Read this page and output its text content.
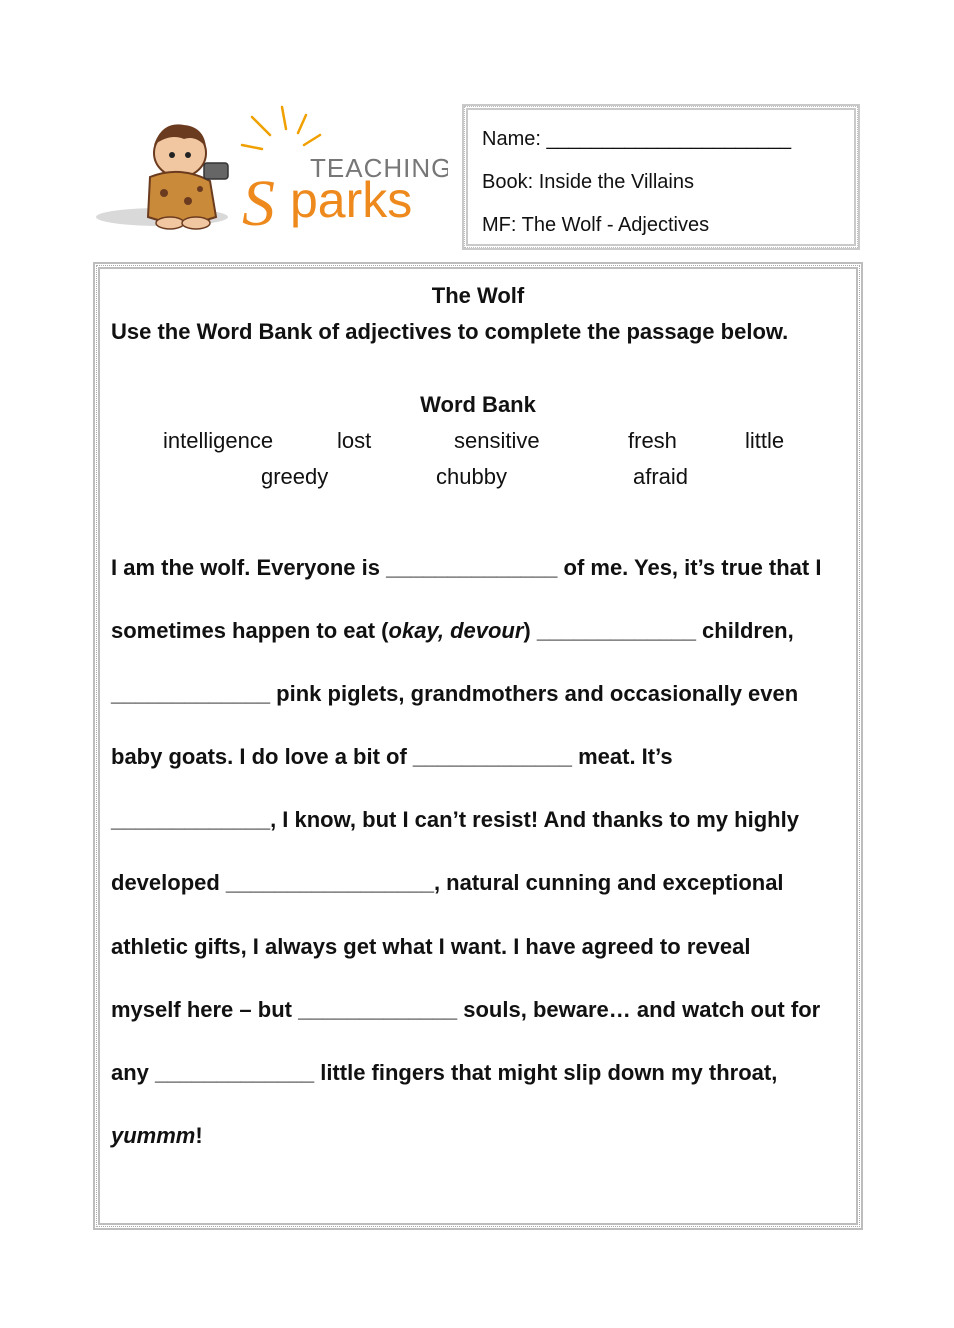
TEACHING
S parks
Name: ______________________
Book: Inside the Villains
MF: The Wolf - Adjectives
The Wolf
Use the Word Bank of adjectives to complete the passage below.
Word Bank
intelligence	lost	sensitive	fresh	little
greedy	chubby	afraid
I am the wolf. Everyone is ______________ of me. Yes, it’s true that I
sometimes happen to eat (okay, devour) _____________ children,
_____________ pink piglets, grandmothers and occasionally even
baby goats. I do love a bit of _____________ meat. It’s
_____________, I know, but I can’t resist! And thanks to my highly
developed _________________, natural cunning and exceptional
athletic gifts, I always get what I want. I have agreed to reveal
myself here – but _____________ souls, beware… and watch out for
any _____________ little fingers that might slip down my throat,
yummm!
